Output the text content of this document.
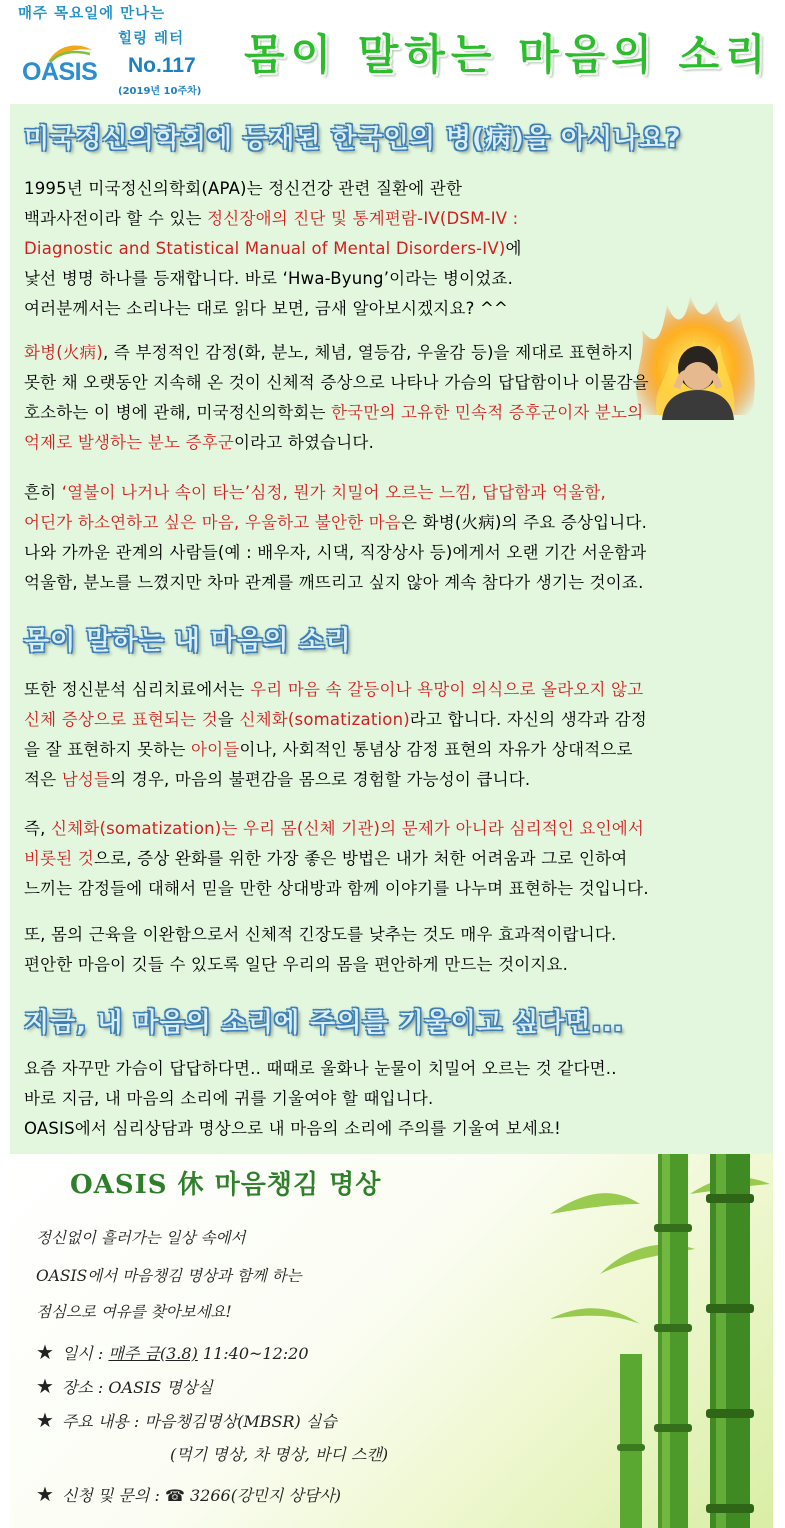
매주 목요일에 만나는
힐링 레터
OASIS No.117
(2019년 10주차)
몸이 말하는 마음의 소리
미국정신의학회에 등재된 한국인의 병(病)을 아시나요?
1995년 미국정신의학회(APA)는 정신건강 관련 질환에 관한
백과사전이라 할 수 있는 정신장애의 진단 및 통계편람-IV(DSM-IV :
Diagnostic and Statistical Manual of Mental Disorders-IV)에
낯선 병명 하나를 등재합니다. 바로 ‘Hwa-Byung’이라는 병이었죠.
여러분께서는 소리나는 대로 읽다 보면, 금새 알아보시겠지요? ^^
화병(火病), 즉 부정적인 감정(화, 분노, 체념, 열등감, 우울감 등)을 제대로 표현하지
못한 채 오랫동안 지속해 온 것이 신체적 증상으로 나타나 가슴의 답답함이나 이물감을
호소하는 이 병에 관해, 미국정신의학회는 한국만의 고유한 민속적 증후군이자 분노의
억제로 발생하는 분노 증후군이라고 하였습니다.
흔히 ‘열불이 나거나 속이 타는’심정, 뭔가 치밀어 오르는 느낌, 답답함과 억울함,
어딘가 하소연하고 싶은 마음, 우울하고 불안한 마음은 화병(火病)의 주요 증상입니다.
나와 가까운 관계의 사람들(예 : 배우자, 시댁, 직장상사 등)에게서 오랜 기간 서운함과
억울함, 분노를 느꼈지만 차마 관계를 깨뜨리고 싶지 않아 계속 참다가 생기는 것이죠.
몸이 말하는 내 마음의 소리
또한 정신분석 심리치료에서는 우리 마음 속 갈등이나 욕망이 의식으로 올라오지 않고
신체 증상으로 표현되는 것을 신체화(somatization)라고 합니다. 자신의 생각과 감정
을 잘 표현하지 못하는 아이들이나, 사회적인 통념상 감정 표현의 자유가 상대적으로
적은 남성들의 경우, 마음의 불편감을 몸으로 경험할 가능성이 큽니다.
즉, 신체화(somatization)는 우리 몸(신체 기관)의 문제가 아니라 심리적인 요인에서
비롯된 것으로, 증상 완화를 위한 가장 좋은 방법은 내가 처한 어려움과 그로 인하여
느끼는 감정들에 대해서 믿을 만한 상대방과 함께 이야기를 나누며 표현하는 것입니다.
또, 몸의 근육을 이완함으로서 신체적 긴장도를 낮추는 것도 매우 효과적이랍니다.
편안한 마음이 깃들 수 있도록 일단 우리의 몸을 편안하게 만드는 것이지요.
지금, 내 마음의 소리에 주의를 기울이고 싶다면...
요즘 자꾸만 가슴이 답답하다면.. 때때로 울화나 눈물이 치밀어 오르는 것 같다면..
바로 지금, 내 마음의 소리에 귀를 기울여야 할 때입니다.
OASIS에서 심리상담과 명상으로 내 마음의 소리에 주의를 기울여 보세요!
OASIS 休 마음챙김 명상
정신없이 흘러가는 일상 속에서
OASIS에서 마음챙김 명상과 함께 하는
점심으로 여유를 찾아보세요!
★ 일시 : 매주 금(3.8) 11:40~12:20
★ 장소 : OASIS 명상실
★ 주요 내용 : 마음챙김명상(MBSR) 실습
(먹기 명상, 차 명상, 바디 스캔)
★ 신청 및 문의 : ☎ 3266(강민지 상담사)
